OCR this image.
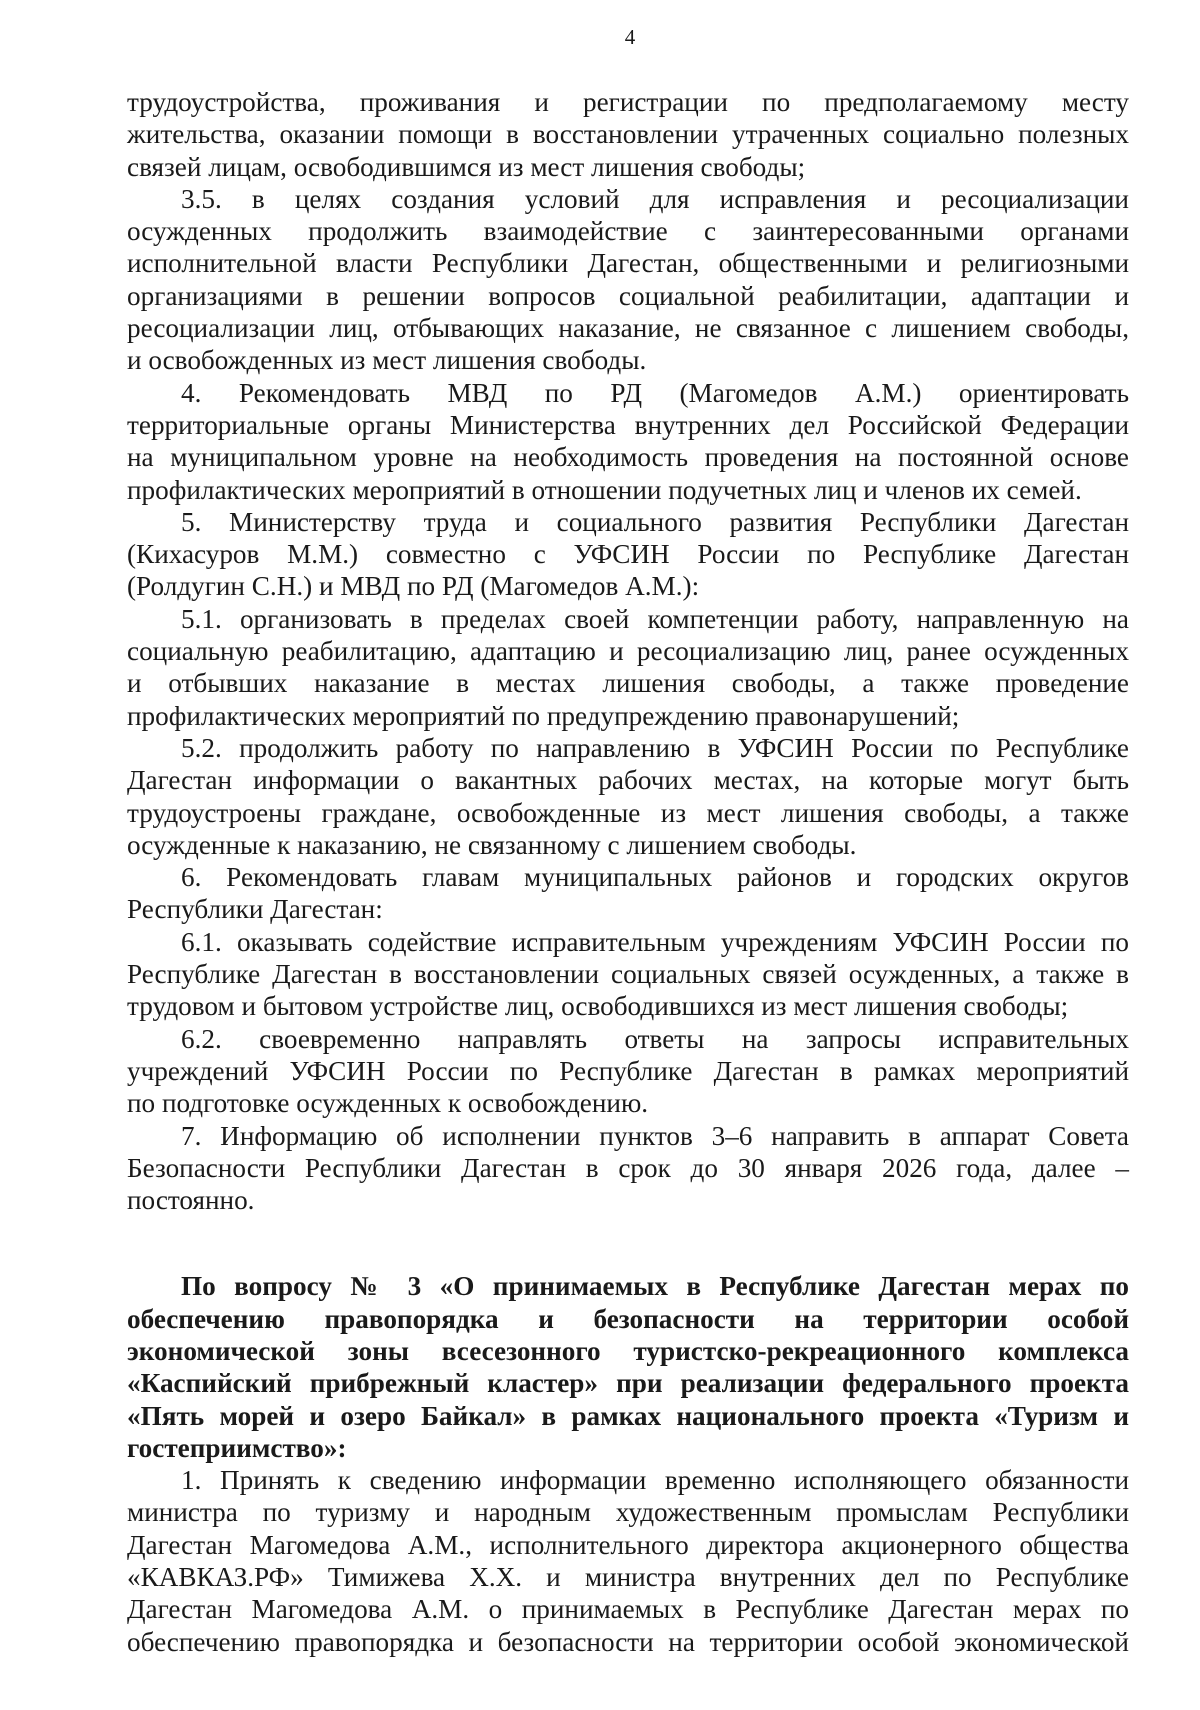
4
трудоустройства, проживания и регистрации по предполагаемому месту
жительства, оказании помощи в восстановлении утраченных социально полезных
связей лицам, освободившимся из мест лишения свободы;
3.5. в целях создания условий для исправления и ресоциализации
осужденных продолжить взаимодействие с заинтересованными органами
исполнительной власти Республики Дагестан, общественными и религиозными
организациями в решении вопросов социальной реабилитации, адаптации и
ресоциализации лиц, отбывающих наказание, не связанное с лишением свободы,
и освобожденных из мест лишения свободы.
4. Рекомендовать МВД по РД (Магомедов А.М.) ориентировать
территориальные органы Министерства внутренних дел Российской Федерации
на муниципальном уровне на необходимость проведения на постоянной основе
профилактических мероприятий в отношении подучетных лиц и членов их семей.
5. Министерству труда и социального развития Республики Дагестан
(Кихасуров М.М.) совместно с УФСИН России по Республике Дагестан
(Ролдугин С.Н.) и МВД по РД (Магомедов А.М.):
5.1. организовать в пределах своей компетенции работу, направленную на
социальную реабилитацию, адаптацию и ресоциализацию лиц, ранее осужденных
и отбывших наказание в местах лишения свободы, а также проведение
профилактических мероприятий по предупреждению правонарушений;
5.2. продолжить работу по направлению в УФСИН России по Республике
Дагестан информации о вакантных рабочих местах, на которые могут быть
трудоустроены граждане, освобожденные из мест лишения свободы, а также
осужденные к наказанию, не связанному с лишением свободы.
6. Рекомендовать главам муниципальных районов и городских округов
Республики Дагестан:
6.1. оказывать содействие исправительным учреждениям УФСИН России по
Республике Дагестан в восстановлении социальных связей осужденных, а также в
трудовом и бытовом устройстве лиц, освободившихся из мест лишения свободы;
6.2. своевременно направлять ответы на запросы исправительных
учреждений УФСИН России по Республике Дагестан в рамках мероприятий
по подготовке осужденных к освобождению.
7. Информацию об исполнении пунктов 3–6 направить в аппарат Совета
Безопасности Республики Дагестан в срок до 30 января 2026 года, далее –
постоянно.
По вопросу № 3 «О принимаемых в Республике Дагестан мерах по
обеспечению правопорядка и безопасности на территории особой
экономической зоны всесезонного туристско-рекреационного комплекса
«Каспийский прибрежный кластер» при реализации федерального проекта
«Пять морей и озеро Байкал» в рамках национального проекта «Туризм и
гостеприимство»:
1. Принять к сведению информации временно исполняющего обязанности
министра по туризму и народным художественным промыслам Республики
Дагестан Магомедова А.М., исполнительного директора акционерного общества
«КАВКАЗ.РФ» Тимижева Х.Х. и министра внутренних дел по Республике
Дагестан Магомедова А.М. о принимаемых в Республике Дагестан мерах по
обеспечению правопорядка и безопасности на территории особой экономической
